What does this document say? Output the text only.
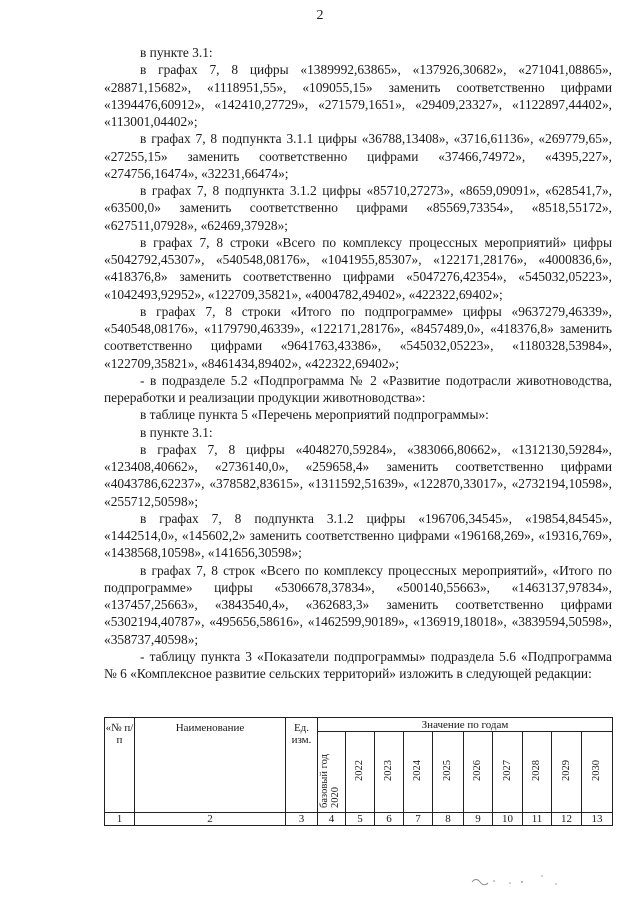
2

в пункте 3.1:

в графах 7, 8 цифры «1389992,63865», «137926,30682», «271041,08865», «28871,15682», «1118951,55», «109055,15» заменить соответственно цифрами «1394476,60912», «142410,27729», «271579,1651», «29409,23327», «1122897,44402», «113001,04402»;

в графах 7, 8 подпункта 3.1.1 цифры «36788,13408», «3716,61136», «269779,65», «27255,15» заменить соответственно цифрами «37466,74972», «4395,227», «274756,16474», «32231,66474»;

в графах 7, 8 подпункта 3.1.2 цифры «85710,27273», «8659,09091», «628541,7», «63500,0» заменить соответственно цифрами «85569,73354», «8518,55172», «627511,07928», «62469,37928»;

в графах 7, 8 строки «Всего по комплексу процессных мероприятий» цифры «5042792,45307», «540548,08176», «1041955,85307», «122171,28176», «4000836,6», «418376,8» заменить соответственно цифрами «5047276,42354», «545032,05223», «1042493,92952», «122709,35821», «4004782,49402», «422322,69402»;

в графах 7, 8 строки «Итого по подпрограмме» цифры «9637279,46339», «540548,08176», «1179790,46339», «122171,28176», «8457489,0», «418376,8» заменить соответственно цифрами «9641763,43386», «545032,05223», «1180328,53984», «122709,35821», «8461434,89402», «422322,69402»;

- в подразделе 5.2 «Подпрограмма № 2 «Развитие подотрасли животноводства, переработки и реализации продукции животноводства»:

в таблице пункта 5 «Перечень мероприятий подпрограммы»:

в пункте 3.1:

в графах 7, 8 цифры «4048270,59284», «383066,80662», «1312130,59284», «123408,40662», «2736140,0», «259658,4» заменить соответственно цифрами «4043786,62237», «378582,83615», «1311592,51639», «122870,33017», «2732194,10598», «255712,50598»;

в графах 7, 8 подпункта 3.1.2 цифры «196706,34545», «19854,84545», «1442514,0», «145602,2» заменить соответственно цифрами «196168,269», «19316,769», «1438568,10598», «141656,30598»;

в графах 7, 8 строк «Всего по комплексу процессных мероприятий», «Итого по подпрограмме» цифры «5306678,37834», «500140,55663», «1463137,97834», «137457,25663», «3843540,4», «362683,3» заменить соответственно цифрами «5302194,40787», «495656,58616», «1462599,90189», «136919,18018», «3839594,50598», «358737,40598»;

- таблицу пункта 3 «Показатели подпрограммы» подраздела 5.6 «Подпрограмма № 6 «Комплексное развитие сельских территорий» изложить в следующей редакции:

«№ п/п	Наименование	Ед. изм.	Значение по годам									
			базовый год 2020	2022	2023	2024	2025	2026	2027	2028	2029	2030
1	2	3	4	5	6	7	8	9	10	11	12	13
